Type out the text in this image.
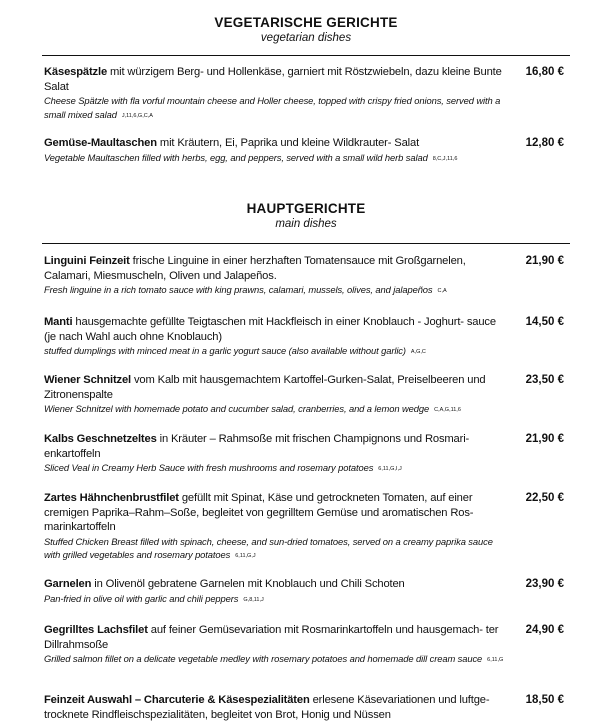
VEGETARISCHE GERICHTE
vegetarian dishes
Käsespätzle mit würzigem Berg- und Hollenkäse, garniert mit Röstzwiebeln, dazu kleine Bunte Salat
Cheese Spätzle with fla vorful mountain cheese and Holler cheese, topped with crispy fried onions, served with a small mixed salad J,11,6,G,C,A
16,80 €
Gemüse-Maultaschen mit Kräutern, Ei, Paprika und kleine Wildkrauter- Salat
Vegetable Maultaschen filled with herbs, egg, and peppers, served with a small wild herb salad 8,C,J,11,6
12,80 €
HAUPTGERICHTE
main dishes
Linguini Feinzeit frische Linguine in einer herzhaften Tomatensauce mit Großgarnelen, Calamari, Miesmuscheln, Oliven und Jalapeños.
Fresh linguine in a rich tomato sauce with king prawns, calamari, mussels, olives, and jalapeños C,A
21,90 €
Manti hausgemachte gefüllte Teigtaschen mit Hackfleisch in einer Knoblauch - Joghurt- sauce (je nach Wahl auch ohne Knoblauch)
stuffed dumplings with minced meat in a garlic yogurt sauce (also available without garlic) A,G,C
14,50 €
Wiener Schnitzel vom Kalb mit hausgemachtem Kartoffel-Gurken-Salat, Preiselbeeren und Zitronenspalte
Wiener Schnitzel with homemade potato and cucumber salad, cranberries, and a lemon wedge C,A,G,11,6
23,50 €
Kalbs Geschnetzeltes in Kräuter – Rahmsoße mit frischen Champignons und Rosmari- enkartoffeln
Sliced Veal in Creamy Herb Sauce with fresh mushrooms and rosemary potatoes 6,11,G,I,J
21,90 €
Zartes Hähnchenbrustfilet gefüllt mit Spinat, Käse und getrockneten Tomaten, auf einer cremigen Paprika–Rahm–Soße, begleitet von gegrilltem Gemüse und aromatischen Ros- marinkartoffeln
Stuffed Chicken Breast filled with spinach, cheese, and sun-dried tomatoes, served on a creamy paprika sauce with grilled vegetables and rosemary potatoes 6,11,G,J
22,50 €
Garnelen in Olivenöl gebratene Garnelen mit Knoblauch und Chili Schoten
Pan-fried in olive oil with garlic and chili peppers G,8,11,J
23,90 €
Gegrilltes Lachsfilet auf feiner Gemüsevariation mit Rosmarinkartoffeln und hausgemach- ter Dillrahmsoße
Grilled salmon fillet on a delicate vegetable medley with rosemary potatoes and homemade dill cream sauce 6,11,G
24,90 €
Feinzeit Auswahl – Charcuterie & Käsespezialitäten erlesene Käsevariationen und luftge- trocknete Rindfleischspezialitäten, begleitet von Brot, Honig und Nüssen
18,50 €
